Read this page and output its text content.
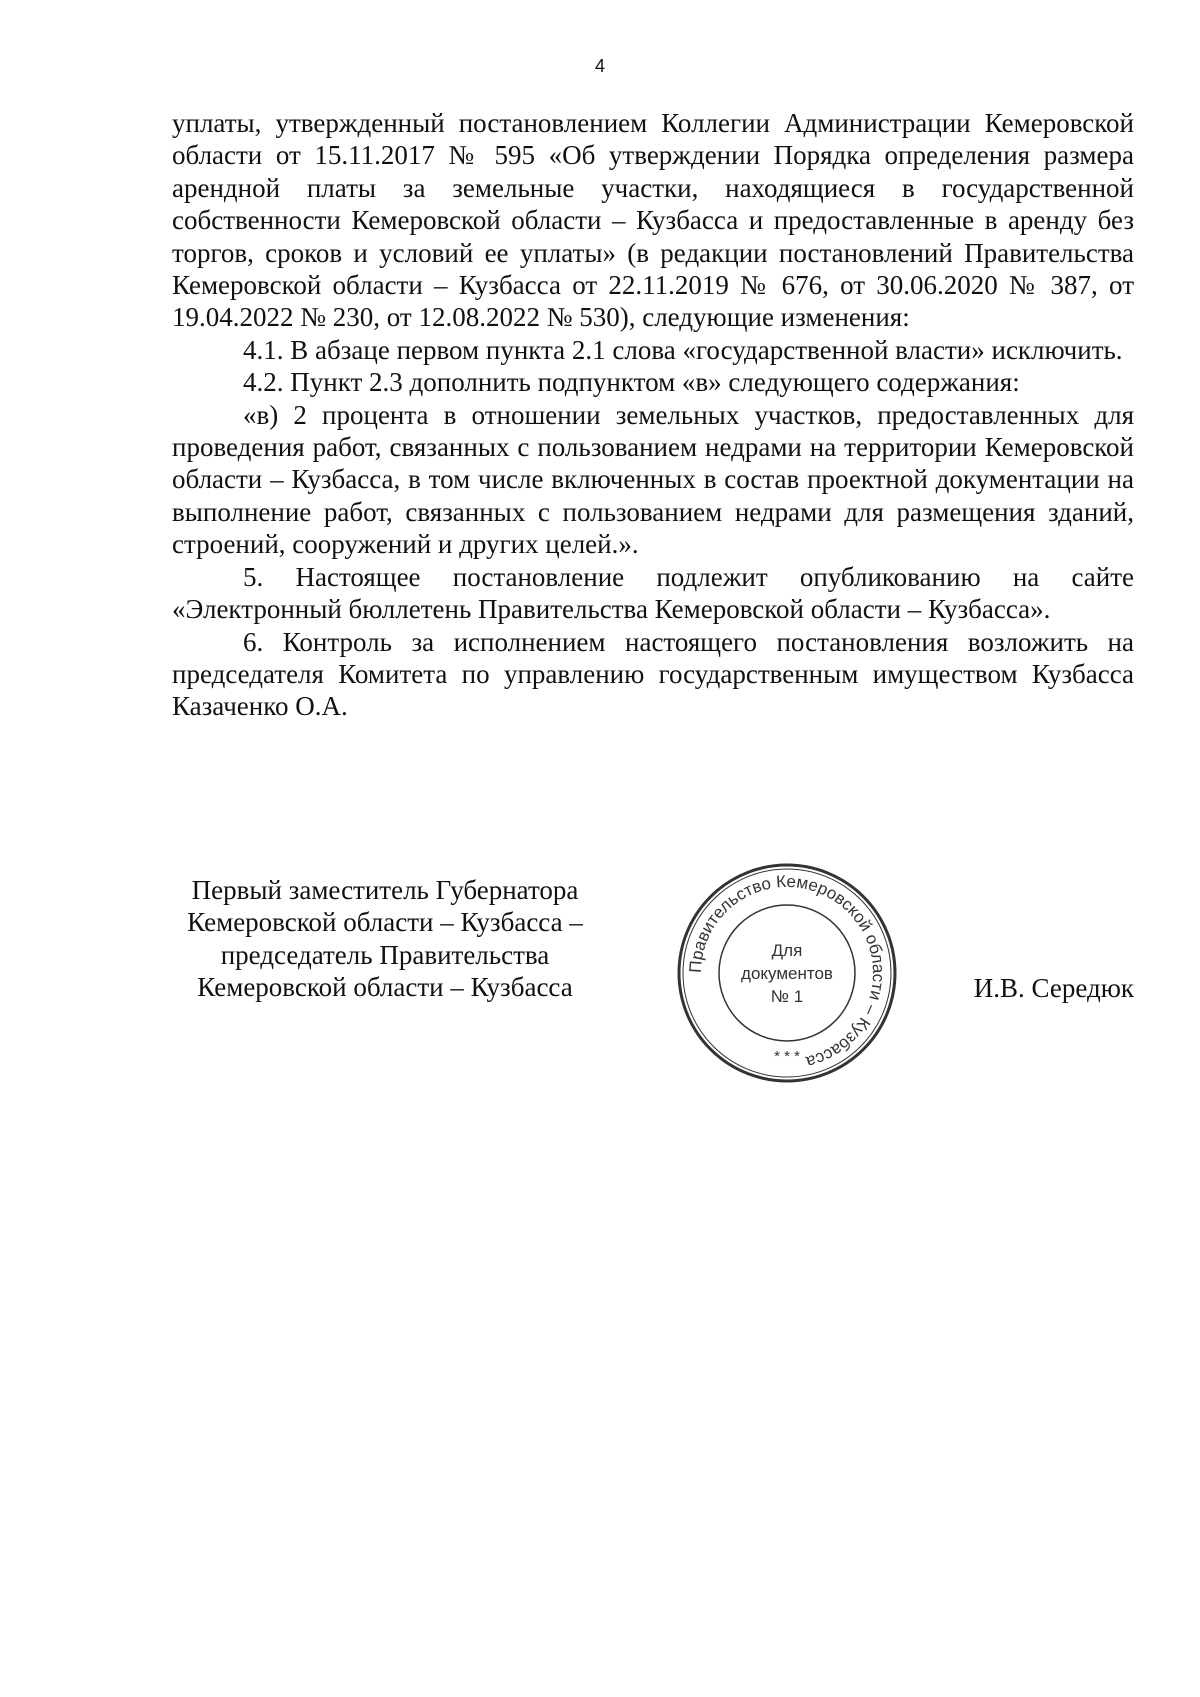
4

уплаты, утвержденный постановлением Коллегии Администрации Кемеровской области от 15.11.2017 № 595 «Об утверждении Порядка определения размера арендной платы за земельные участки, находящиеся в государственной собственности Кемеровской области – Кузбасса и предоставленные в аренду без торгов, сроков и условий ее уплаты» (в редакции постановлений Правительства Кемеровской области – Кузбасса от 22.11.2019 № 676, от 30.06.2020 № 387, от 19.04.2022 № 230, от 12.08.2022 № 530), следующие изменения:

4.1. В абзаце первом пункта 2.1 слова «государственной власти» исключить.

4.2. Пункт 2.3 дополнить подпунктом «в» следующего содержания:

«в) 2 процента в отношении земельных участков, предоставленных для проведения работ, связанных с пользованием недрами на территории Кемеровской области – Кузбасса, в том числе включенных в состав проектной документации на выполнение работ, связанных с пользованием недрами для размещения зданий, строений, сооружений и других целей.».

5. Настоящее постановление подлежит опубликованию на сайте «Электронный бюллетень Правительства Кемеровской области – Кузбасса».

6. Контроль за исполнением настоящего постановления возложить на председателя Комитета по управлению государственным имуществом Кузбасса Казаченко О.А.

Первый заместитель Губернатора
Кемеровской области – Кузбасса –
председатель Правительства
Кемеровской области – Кузбасса
Правительство Кемеровской области – Кузбасса
Для
документов
№ 1
* * *
И.В. Середюк
